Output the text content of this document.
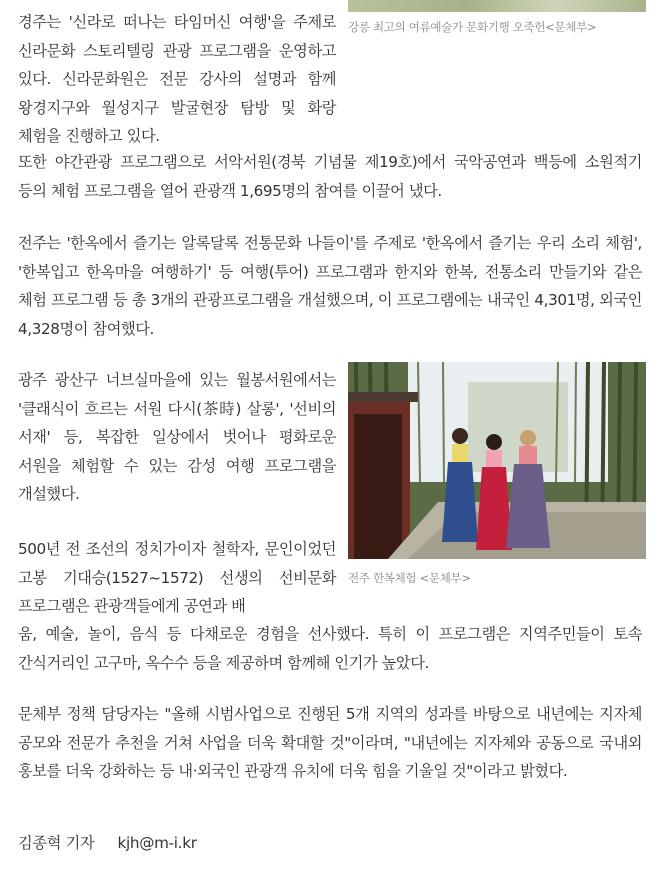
강릉 최고의 여류예술가 문화기행 오죽헌<문체부>

경주는 '신라로 떠나는 타임머신 여행'을 주제로 신라문화 스토리텔링 관광 프로그램을 운영하고 있다. 신라문화원은 전문 강사의 설명과 함께 왕경지구와 월성지구 발굴현장 탐방 및 화랑 체험을 진행하고 있다.

또한 야간관광 프로그램으로 서악서원(경북 기념물 제19호)에서 국악공연과 백등에 소원적기 등의 체험 프로그램을 열어 관광객 1,695명의 참여를 이끌어 냈다.

전주는 '한옥에서 즐기는 알록달록 전통문화 나들이'를 주제로 '한옥에서 즐기는 우리 소리 체험', '한복입고 한옥마을 여행하기' 등 여행(투어) 프로그램과 한지와 한복, 전통소리 만들기와 같은 체험 프로그램 등 총 3개의 관광프로그램을 개설했으며, 이 프로그램에는 내국인 4,301명, 외국인 4,328명이 참여했다.

전주 한복체험 <문체부>

광주 광산구 너브실마을에 있는 월봉서원에서는 '클래식이 흐르는 서원 다시(茶時) 살롱', '선비의 서재' 등, 복잡한 일상에서 벗어나 평화로운 서원을 체험할 수 있는 감성 여행 프로그램을 개설했다.

500년 전 조선의 정치가이자 철학자, 문인이었던 고봉 기대승(1527~1572) 선생의 선비문화 프로그램은 관광객들에게 공연과 배

움, 예술, 놀이, 음식 등 다채로운 경험을 선사했다. 특히 이 프로그램은 지역주민들이 토속 간식거리인 고구마, 옥수수 등을 제공하며 함께해 인기가 높았다.

문체부 정책 담당자는 "올해 시범사업으로 진행된 5개 지역의 성과를 바탕으로 내년에는 지자체 공모와 전문가 추천을 거쳐 사업을 더욱 확대할 것"이라며, "내년에는 지자체와 공동으로 국내외 홍보를 더욱 강화하는 등 내·외국인 관광객 유치에 더욱 힘을 기울일 것"이라고 밝혔다.

김종혁 기자 kjh@m-i.kr
